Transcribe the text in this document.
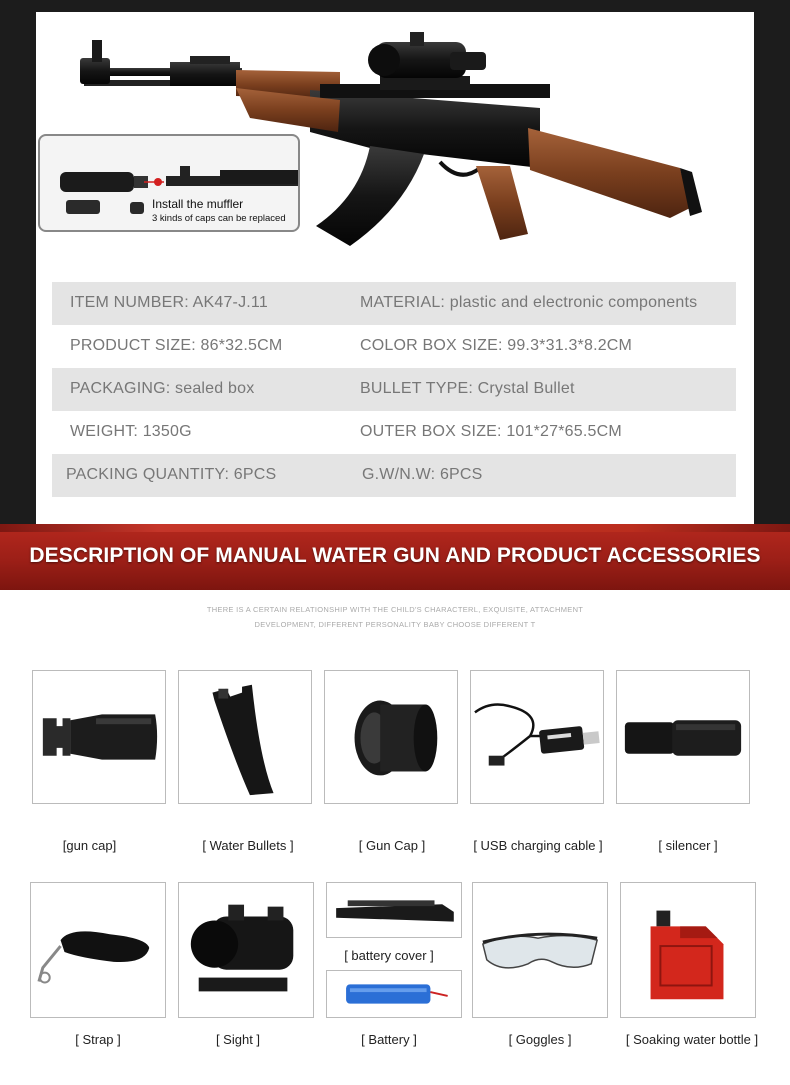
Install the muffler
3 kinds of caps can be replaced
ITEM NUMBER: AK47-J.11	MATERIAL: plastic and electronic components
PRODUCT SIZE: 86*32.5CM	COLOR BOX SIZE: 99.3*31.3*8.2CM
PACKAGING: sealed box	BULLET TYPE: Crystal Bullet
WEIGHT: 1350G	OUTER BOX SIZE: 101*27*65.5CM
PACKING QUANTITY: 6PCS	G.W/N.W: 6PCS
DESCRIPTION OF MANUAL WATER GUN AND PRODUCT ACCESSORIES
THERE IS A CERTAIN RELATIONSHIP WITH THE CHILD'S CHARACTERL, EXQUISITE, ATTACHMENT
DEVELOPMENT, DIFFERENT PERSONALITY BABY CHOOSE DIFFERENT T
[gun cap]	[ Water Bullets ]	[ Gun Cap ]	[ USB charging cable ]	[ silencer ]
[ battery cover ]
[ Strap ]	[ Sight ]	[ Battery ]	[ Goggles ]	[ Soaking water bottle ]
